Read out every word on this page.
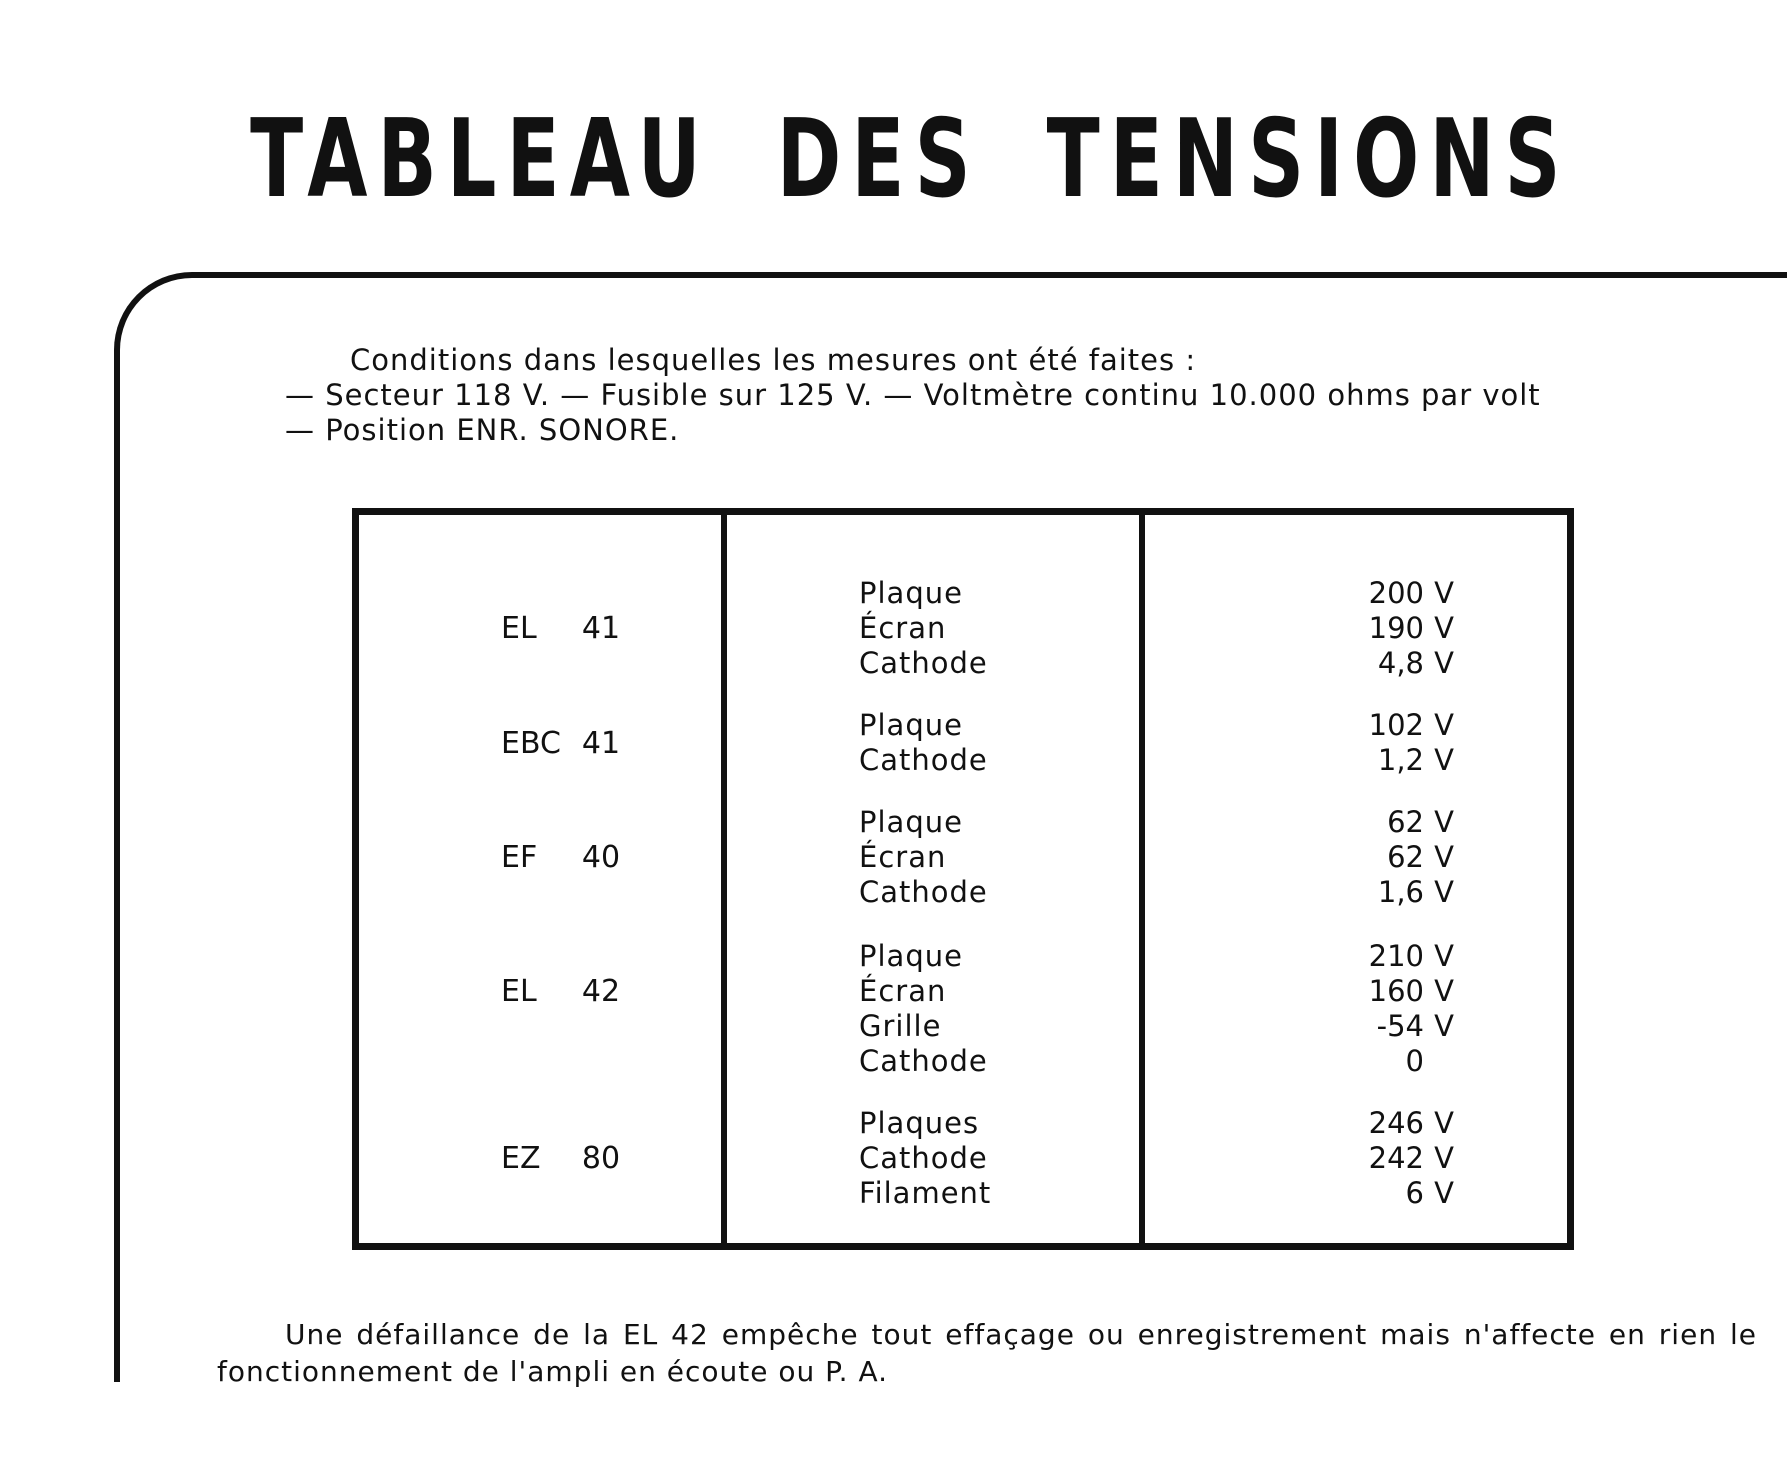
TABLEAU DES TENSIONS
Conditions dans lesquelles les mesures ont été faites :
— Secteur 118 V. — Fusible sur 125 V. — Voltmètre continu 10.000 ohms par volt
— Position ENR. SONORE.
EL 41
Plaque	200 V
Écran	190 V
Cathode	4,8 V
EBC 41
Plaque	102 V
Cathode	1,2 V
EF 40
Plaque	62 V
Écran	62 V
Cathode	1,6 V
EL 42
Plaque	210 V
Écran	160 V
Grille	-54 V
Cathode	0
EZ 80
Plaques	246 V
Cathode	242 V
Filament	6 V
Une défaillance de la EL 42 empêche tout effaçage ou enregistrement mais n'affecte en rien le fonctionnement de l'ampli en écoute ou P. A.
